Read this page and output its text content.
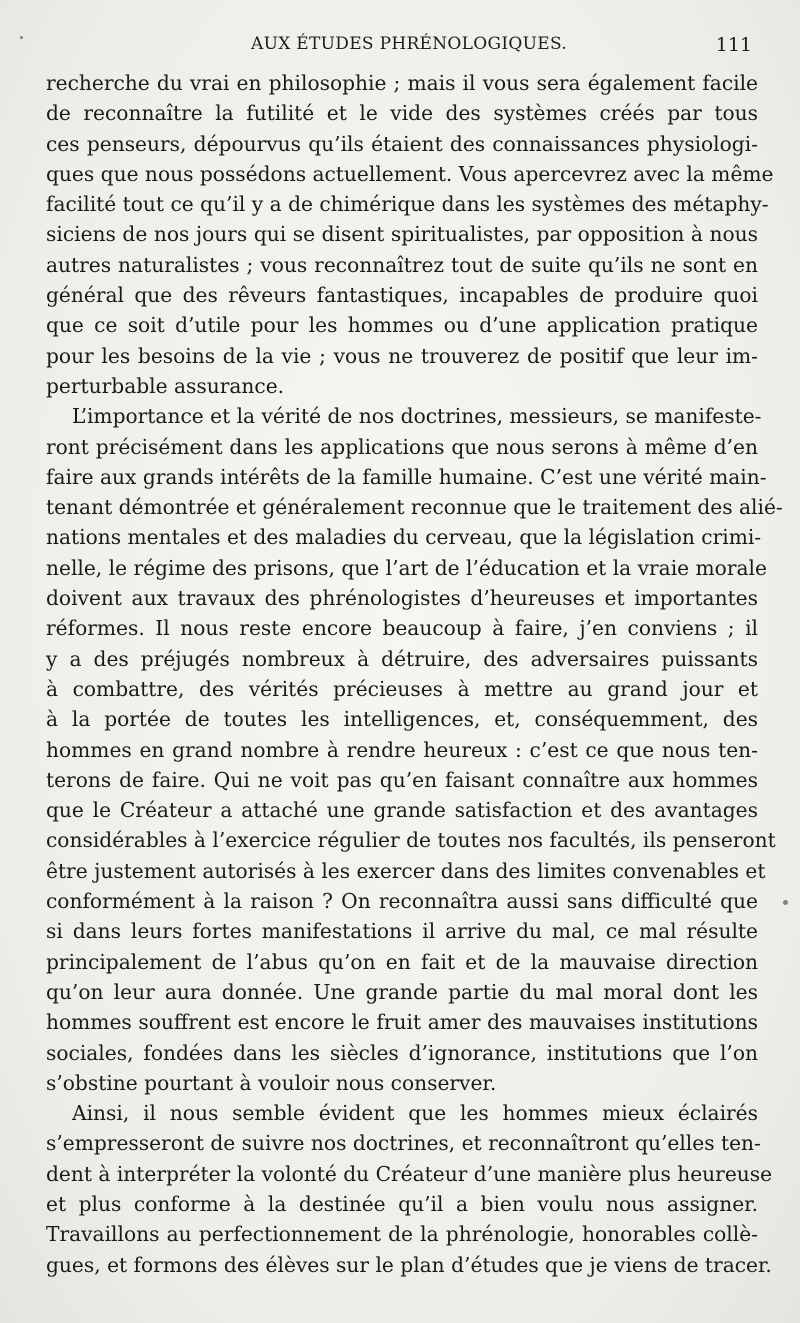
AUX ÉTUDES PHRÉNOLOGIQUES.	111
recherche du vrai en philosophie ; mais il vous sera également facile
de reconnaître la futilité et le vide des systèmes créés par tous
ces penseurs, dépourvus qu’ils étaient des connaissances physiologi-
ques que nous possédons actuellement. Vous apercevrez avec la même
facilité tout ce qu’il y a de chimérique dans les systèmes des métaphy-
siciens de nos jours qui se disent spiritualistes, par opposition à nous
autres naturalistes ; vous reconnaîtrez tout de suite qu’ils ne sont en
général que des rêveurs fantastiques, incapables de produire quoi
que ce soit d’utile pour les hommes ou d’une application pratique
pour les besoins de la vie ; vous ne trouverez de positif que leur im-
perturbable assurance.
L’importance et la vérité de nos doctrines, messieurs, se manifeste-
ront précisément dans les applications que nous serons à même d’en
faire aux grands intérêts de la famille humaine. C’est une vérité main-
tenant démontrée et généralement reconnue que le traitement des alié-
nations mentales et des maladies du cerveau, que la législation crimi-
nelle, le régime des prisons, que l’art de l’éducation et la vraie morale
doivent aux travaux des phrénologistes d’heureuses et importantes
réformes. Il nous reste encore beaucoup à faire, j’en conviens ; il
y a des préjugés nombreux à détruire, des adversaires puissants
à combattre, des vérités précieuses à mettre au grand jour et
à la portée de toutes les intelligences, et, conséquemment, des
hommes en grand nombre à rendre heureux : c’est ce que nous ten-
terons de faire. Qui ne voit pas qu’en faisant connaître aux hommes
que le Créateur a attaché une grande satisfaction et des avantages
considérables à l’exercice régulier de toutes nos facultés, ils penseront
être justement autorisés à les exercer dans des limites convenables et
conformément à la raison ? On reconnaîtra aussi sans difficulté que
si dans leurs fortes manifestations il arrive du mal, ce mal résulte
principalement de l’abus qu’on en fait et de la mauvaise direction
qu’on leur aura donnée. Une grande partie du mal moral dont les
hommes souffrent est encore le fruit amer des mauvaises institutions
sociales, fondées dans les siècles d’ignorance, institutions que l’on
s’obstine pourtant à vouloir nous conserver.
Ainsi, il nous semble évident que les hommes mieux éclairés
s’empresseront de suivre nos doctrines, et reconnaîtront qu’elles ten-
dent à interpréter la volonté du Créateur d’une manière plus heureuse
et plus conforme à la destinée qu’il a bien voulu nous assigner.
Travaillons au perfectionnement de la phrénologie, honorables collè-
gues, et formons des élèves sur le plan d’études que je viens de tracer.
